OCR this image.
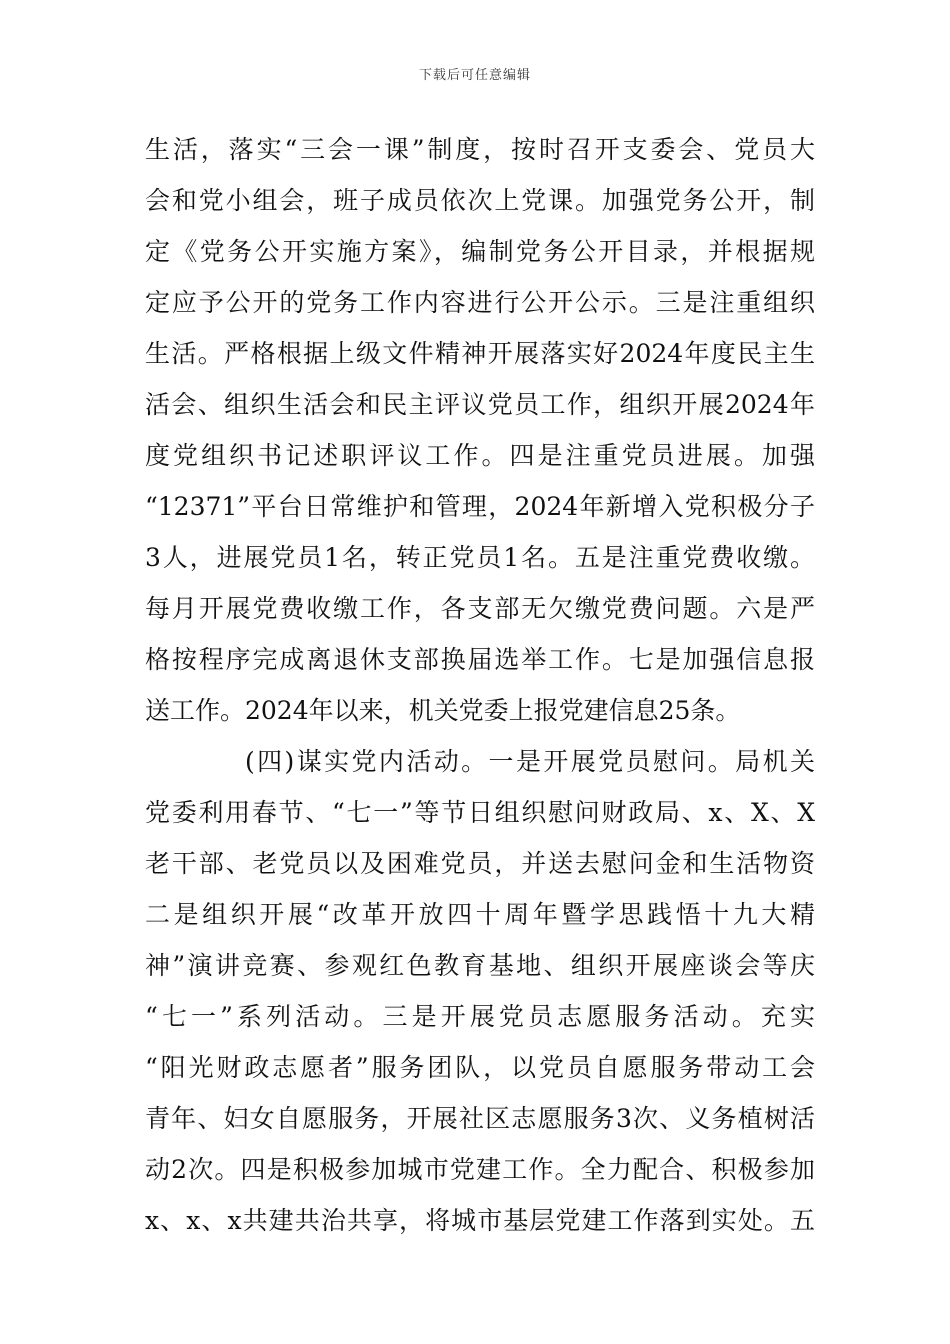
下载后可任意编辑
生活，落实“三会一课”制度，按时召开支委会、党员大
会和党小组会，班子成员依次上党课。加强党务公开，制
定《党务公开实施方案》，编制党务公开目录，并根据规
定应予公开的党务工作内容进行公开公示。三是注重组织
生活。严格根据上级文件精神开展落实好2024年度民主生
活会、组织生活会和民主评议党员工作，组织开展2024年
度党组织书记述职评议工作。四是注重党员进展。加强
“12371”平台日常维护和管理，2024年新增入党积极分子
3人，进展党员1名，转正党员1名。五是注重党费收缴。
每月开展党费收缴工作，各支部无欠缴党费问题。六是严
格按程序完成离退休支部换届选举工作。七是加强信息报
送工作。2024年以来，机关党委上报党建信息25条。
(四)谋实党内活动。一是开展党员慰问。局机关
党委利用春节、“七一”等节日组织慰问财政局、x、X、X
老干部、老党员以及困难党员，并送去慰问金和生活物资
二是组织开展“改革开放四十周年暨学思践悟十九大精
神”演讲竞赛、参观红色教育基地、组织开展座谈会等庆
“七一”系列活动。三是开展党员志愿服务活动。充实
“阳光财政志愿者”服务团队，以党员自愿服务带动工会
青年、妇女自愿服务，开展社区志愿服务3次、义务植树活
动2次。四是积极参加城市党建工作。全力配合、积极参加
x、x、x共建共治共享，将城市基层党建工作落到实处。五
